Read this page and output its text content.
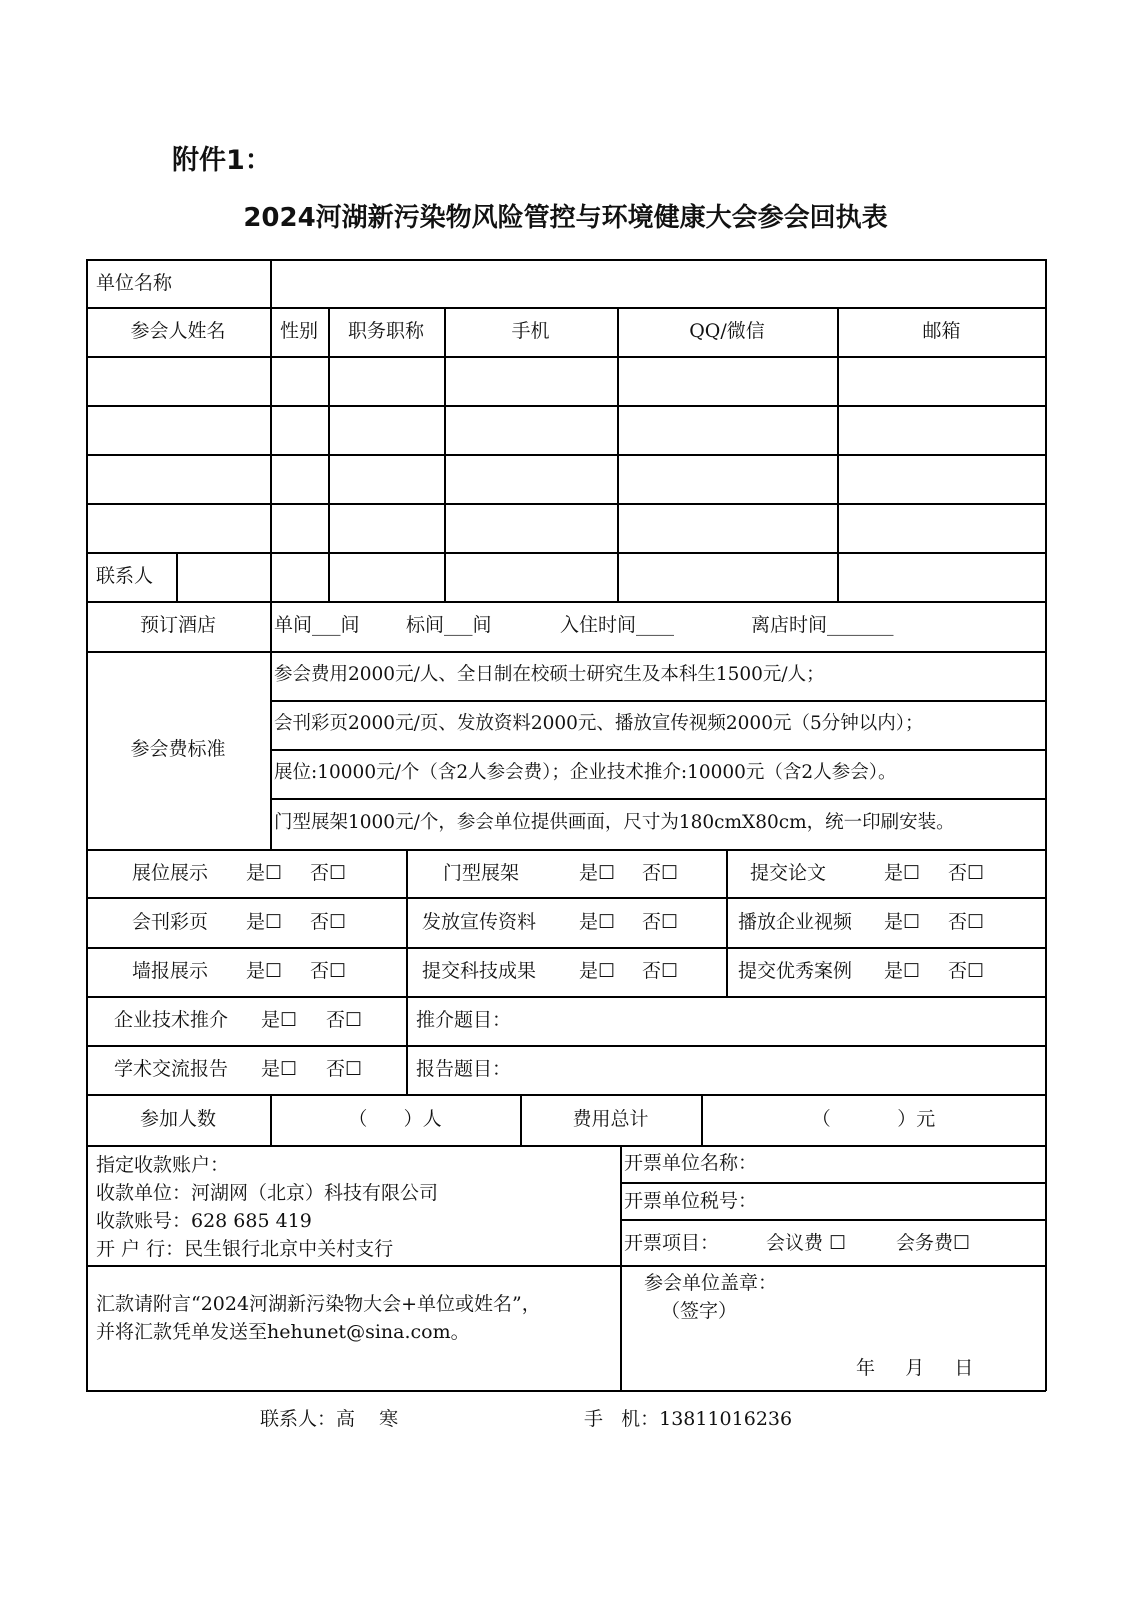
附件1：
2024河湖新污染物风险管控与环境健康大会参会回执表
单位名称
参会人姓名	性别	职务职称	手机	QQ/微信	邮箱
联系人
预订酒店	单间___间 标间___间	入住时间____	离店时间_______
参会费标准
参会费用2000元/人、全日制在校硕士研究生及本科生1500元/人；
会刊彩页2000元/页、发放资料2000元、播放宣传视频2000元（5分钟以内）；
展位:10000元/个（含2人参会费）；企业技术推介:10000元（含2人参会）。
门型展架1000元/个，参会单位提供画面，尺寸为180cmX80cm，统一印刷安装。
展位展示 是☐ 否☐	门型展架	是☐ 否☐	提交论文	是☐ 否☐
会刊彩页 是☐ 否☐	发放宣传资料 是☐ 否☐	播放企业视频 是☐ 否☐
墙报展示 是☐ 否☐	提交科技成果 是☐ 否☐	提交优秀案例 是☐ 否☐
企业技术推介 是☐ 否☐	推介题目：
学术交流报告 是☐ 否☐	报告题目：
参加人数	（      ）人	费用总计	（           ）元
指定收款账户：
收款单位：河湖网（北京）科技有限公司
收款账号：628 685 419
开 户 行：民生银行北京中关村支行
开票单位名称：
开票单位税号：
开票项目： 会议费 ☐	会务费☐
汇款请附言“2024河湖新污染物大会+单位或姓名”，
并将汇款凭单发送至hehunet@sina.com。
参会单位盖章：
（签字）
年     月     日
联系人：高    寒	手   机：13811016236
